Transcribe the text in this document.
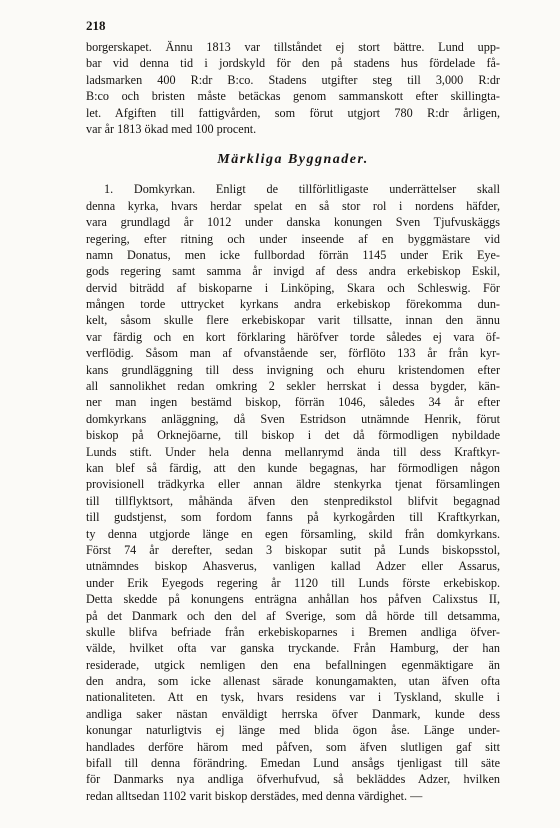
218
borgerskapet. Ännu 1813 var tillståndet ej stort bättre. Lund upp-
bar vid denna tid i jordskyld för den på stadens hus fördelade få-
ladsmarken 400 R:dr B:co. Stadens utgifter steg till 3,000 R:dr
B:co och bristen måste betäckas genom sammanskott efter skillingta-
let. Afgiften till fattigvården, som förut utgjort 780 R:dr årligen,
var år 1813 ökad med 100 procent.
Märkliga Byggnader.
1. Domkyrkan. Enligt de tillförlitligaste underrättelser skall
denna kyrka, hvars herdar spelat en så stor rol i nordens häfder,
vara grundlagd år 1012 under danska konungen Sven Tjufvuskäggs
regering, efter ritning och under inseende af en byggmästare vid
namn Donatus, men icke fullbordad förrän 1145 under Erik Eye-
gods regering samt samma år invigd af dess andra erkebiskop Eskil,
dervid biträdd af biskoparne i Linköping, Skara och Schleswig. För
mången torde uttrycket kyrkans andra erkebiskop förekomma dun-
kelt, såsom skulle flere erkebiskopar varit tillsatte, innan den ännu
var färdig och en kort förklaring häröfver torde således ej vara öf-
verflödig. Såsom man af ofvanstående ser, förflöto 133 år från kyr-
kans grundläggning till dess invigning och ehuru kristendomen efter
all sannolikhet redan omkring 2 sekler herrskat i dessa bygder, kän-
ner man ingen bestämd biskop, förrän 1046, således 34 år efter
domkyrkans anläggning, då Sven Estridson utnämnde Henrik, förut
biskop på Orknejöarne, till biskop i det då förmodligen nybildade
Lunds stift. Under hela denna mellanrymd ända till dess Kraftkyr-
kan blef så färdig, att den kunde begagnas, har förmodligen någon
provisionell trädkyrka eller annan äldre stenkyrka tjenat församlingen
till tillflyktsort, måhända äfven den stenpredikstol blifvit begagnad
till gudstjenst, som fordom fanns på kyrkogården till Kraftkyrkan,
ty denna utgjorde länge en egen församling, skild från domkyrkans.
Först 74 år derefter, sedan 3 biskopar sutit på Lunds biskopsstol,
utnämndes biskop Ahasverus, vanligen kallad Adzer eller Assarus,
under Erik Eyegods regering år 1120 till Lunds förste erkebiskop.
Detta skedde på konungens enträgna anhållan hos påfven Calixstus II,
på det Danmark och den del af Sverige, som då hörde till detsamma,
skulle blifva befriade från erkebiskoparnes i Bremen andliga öfver-
välde, hvilket ofta var ganska tryckande. Från Hamburg, der han
residerade, utgick nemligen den ena befallningen egenmäktigare än
den andra, som icke allenast särade konungamakten, utan äfven ofta
nationaliteten. Att en tysk, hvars residens var i Tyskland, skulle i
andliga saker nästan enväldigt herrska öfver Danmark, kunde dess
konungar naturligtvis ej länge med blida ögon åse. Länge under-
handlades derföre härom med påfven, som äfven slutligen gaf sitt
bifall till denna förändring. Emedan Lund ansågs tjenligast till säte
för Danmarks nya andliga öfverhufvud, så bekläddes Adzer, hvilken
redan alltsedan 1102 varit biskop derstädes, med denna värdighet. —
